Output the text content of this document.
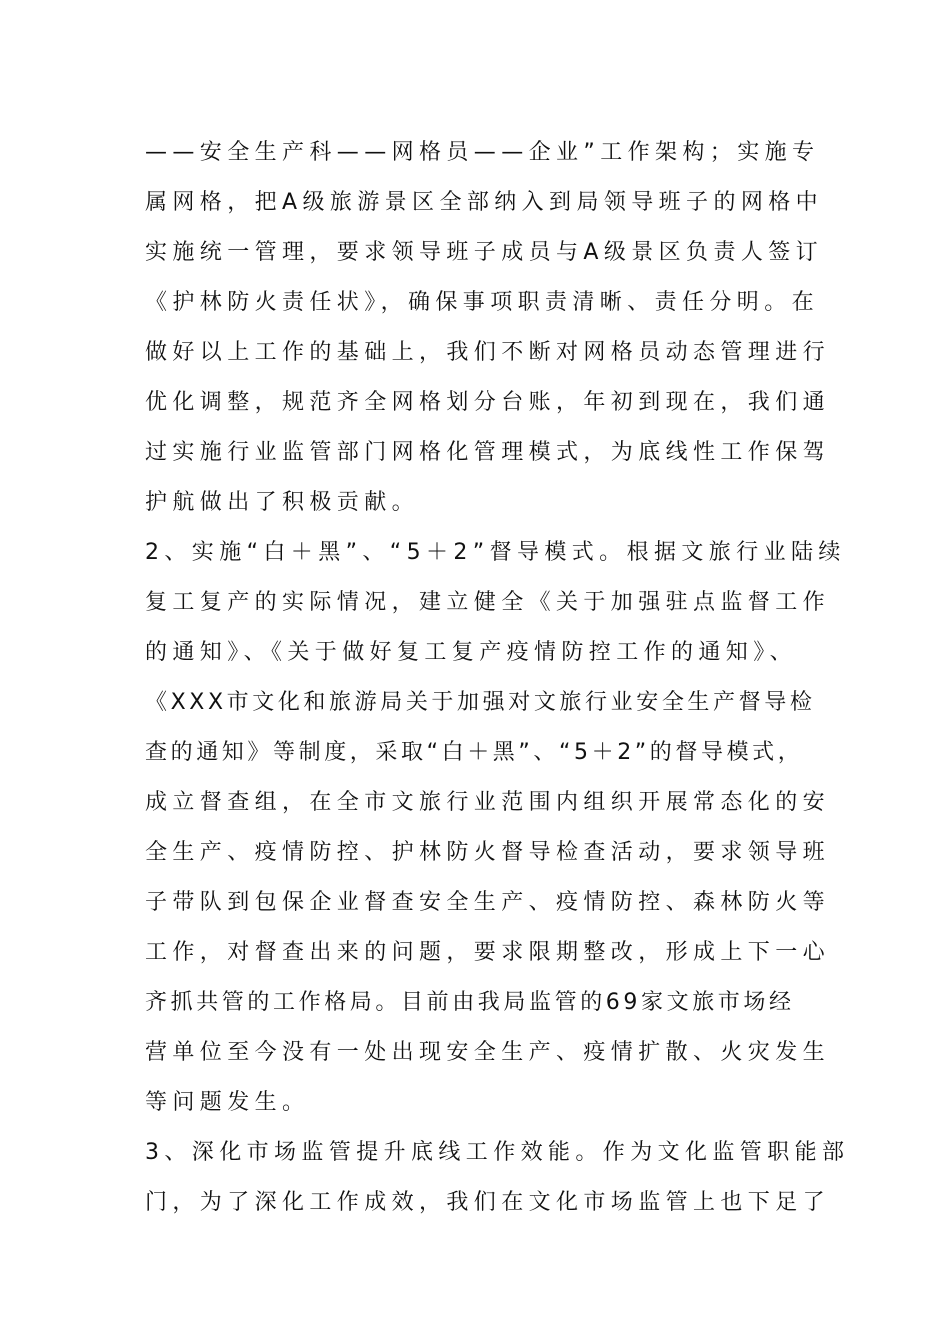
——安全生产科——网格员——企业”工作架构；实施专
属网格，把A级旅游景区全部纳入到局领导班子的网格中
实施统一管理，要求领导班子成员与A级景区负责人签订
《护林防火责任状》，确保事项职责清晰、责任分明。在
做好以上工作的基础上，我们不断对网格员动态管理进行
优化调整，规范齐全网格划分台账，年初到现在，我们通
过实施行业监管部门网格化管理模式，为底线性工作保驾
护航做出了积极贡献。
2、实施“白＋黑”、“5＋2”督导模式。根据文旅行业陆续
复工复产的实际情况，建立健全《关于加强驻点监督工作
的通知》、《关于做好复工复产疫情防控工作的通知》、
《XXX市文化和旅游局关于加强对文旅行业安全生产督导检
查的通知》等制度，采取“白＋黑”、“5＋2”的督导模式，
成立督查组，在全市文旅行业范围内组织开展常态化的安
全生产、疫情防控、护林防火督导检查活动，要求领导班
子带队到包保企业督查安全生产、疫情防控、森林防火等
工作，对督查出来的问题，要求限期整改，形成上下一心
齐抓共管的工作格局。目前由我局监管的69家文旅市场经
营单位至今没有一处出现安全生产、疫情扩散、火灾发生
等问题发生。
3、深化市场监管提升底线工作效能。作为文化监管职能部
门，为了深化工作成效，我们在文化市场监管上也下足了
